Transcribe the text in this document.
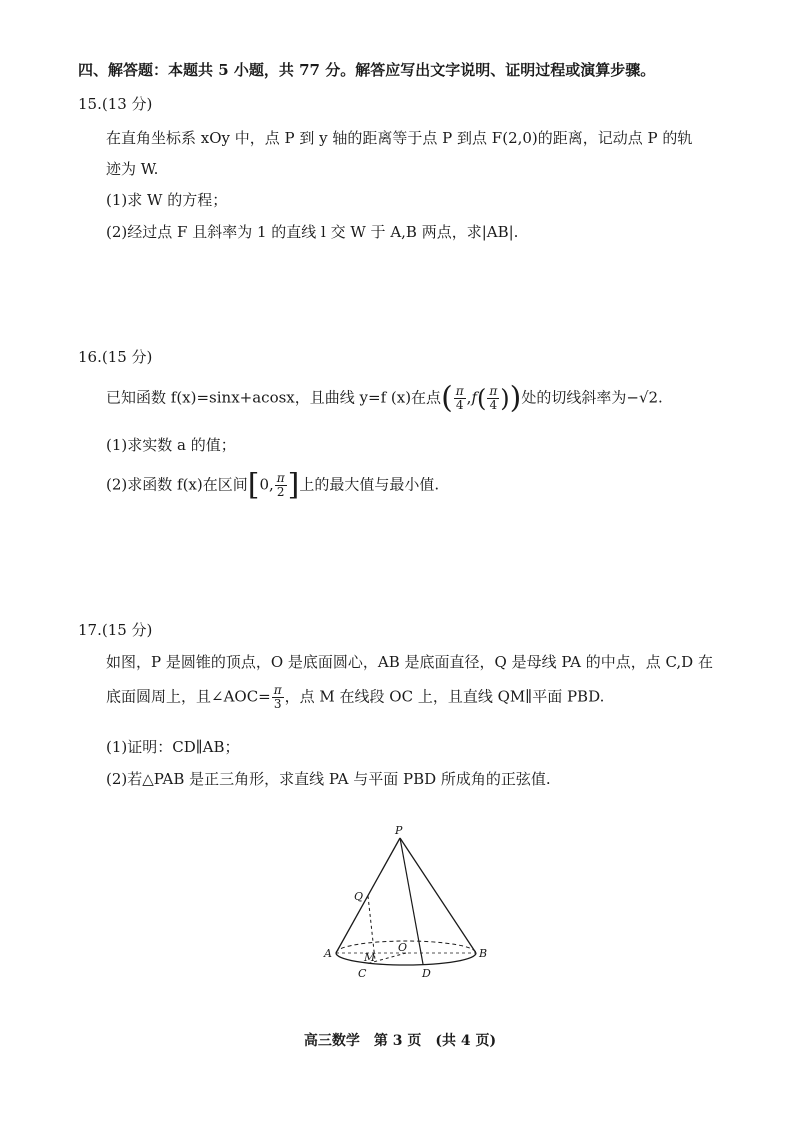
四、解答题：本题共 5 小题，共 77 分。解答应写出文字说明、证明过程或演算步骤。
15.(13 分)
在直角坐标系 xOy 中，点 P 到 y 轴的距离等于点 P 到点 F(2,0)的距离，记动点 P 的轨
迹为 W.
(1)求 W 的方程；
(2)经过点 F 且斜率为 1 的直线 l 交 W 于 A,B 两点，求|AB|.
16.(15 分)
已知函数 f(x)=sinx+acosx，且曲线 y=f (x)在点( $\frac{\pi}{4} ,f( \frac{\pi}{4}$ ))处的切线斜率为−√2.
(1)求实数 a 的值；
(2)求函数 f(x)在区间[0, $\frac{\pi}{2}$ ]上的最大值与最小值.
17.(15 分)
如图，P 是圆锥的顶点，O 是底面圆心，AB 是底面直径，Q 是母线 PA 的中点，点 C,D 在
底面圆周上，且∠AOC= $\frac{\pi}{3}$ ，点 M 在线段 OC 上，且直线 QM∥平面 PBD.
(1)证明：CD∥AB；
(2)若△PAB 是正三角形，求直线 PA 与平面 PBD 所成角的正弦值.
P
Q
A	B
O
M
C	D
高三数学　第 3 页　(共 4 页)
